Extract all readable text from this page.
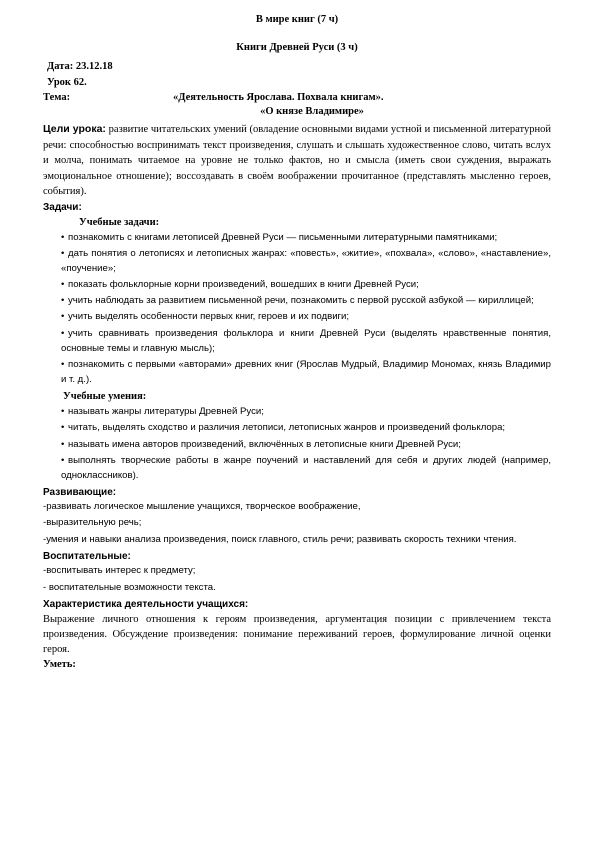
В мире книг (7 ч)
Книги Древней Руси (3 ч)
Дата: 23.12.18
Урок 62.
Тема:	«Деятельность Ярослава. Похвала книгам».
«О князе Владимире»
Цели урока: развитие читательских умений (овладение основными видами устной и письменной литературной речи: способностью воспринимать текст произведения, слушать и слышать художественное слово, читать вслух и молча, понимать читаемое на уровне не только фактов, но и смысла (иметь свои суждения, выражать эмоциональное отношение); воссоздавать в своём воображении прочитанное (представлять мысленно героев, события).
Задачи:
Учебные задачи:
• познакомить с книгами летописей Древней Руси — письменными литературными памятниками;
• дать понятия о летописях и летописных жанрах: «повесть», «житие», «похвала», «слово», «наставление», «поучение»;
• показать фольклорные корни произведений, вошедших в книги Древней Руси;
• учить наблюдать за развитием письменной речи, познакомить с первой русской азбукой — кириллицей;
• учить выделять особенности первых книг, героев и их подвиги;
• учить сравнивать произведения фольклора и книги Древней Руси (выделять нравственные понятия, основные темы и главную мысль);
• познакомить с первыми «авторами» древних книг (Ярослав Мудрый, Владимир Мономах, князь Владимир и т. д.).
Учебные умения:
• называть жанры литературы Древней Руси;
• читать, выделять сходство и различия летописи, летописных жанров и произведений фольклора;
• называть имена авторов произведений, включённых в летописные книги Древней Руси;
• выполнять творческие работы в жанре поучений и наставлений для себя и других людей (например, одноклассников).
Развивающие:

-развивать логическое мышление учащихся, творческое воображение,

-выразительную речь;

-умения и навыки анализа произведения, поиск главного, стиль речи; развивать скорость техники чтения.

Воспитательные:

-воспитывать интерес к предмету;

- воспитательные возможности текста.

Характеристика деятельности учащихся:
Выражение личного отношения к героям произведения, аргументация позиции с привлечением текста произведения. Обсуждение произведения: понимание переживаний героев, формулирование личной оценки героя.
Уметь:
